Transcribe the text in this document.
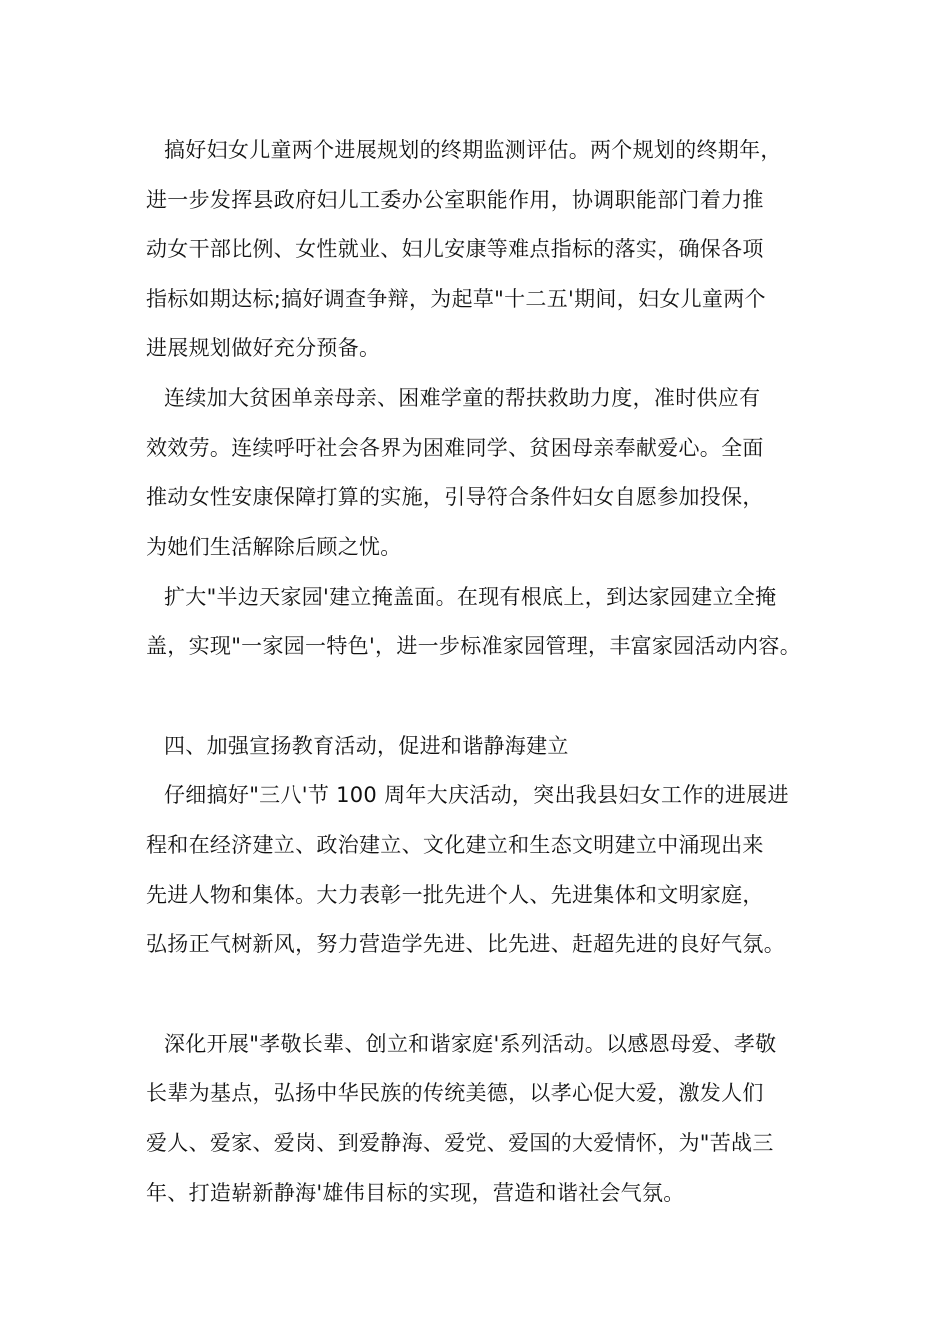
搞好妇女儿童两个进展规划的终期监测评估。两个规划的终期年，
进一步发挥县政府妇儿工委办公室职能作用，协调职能部门着力推
动女干部比例、女性就业、妇儿安康等难点指标的落实，确保各项
指标如期达标;搞好调查争辩，为起草"十二五'期间，妇女儿童两个
进展规划做好充分预备。
连续加大贫困单亲母亲、困难学童的帮扶救助力度，准时供应有
效效劳。连续呼吁社会各界为困难同学、贫困母亲奉献爱心。全面
推动女性安康保障打算的实施，引导符合条件妇女自愿参加投保，
为她们生活解除后顾之忧。
扩大"半边天家园'建立掩盖面。在现有根底上，到达家园建立全掩
盖，实现"一家园一特色'，进一步标准家园管理，丰富家园活动内容。
四、加强宣扬教育活动，促进和谐静海建立
仔细搞好"三八'节 100 周年大庆活动，突出我县妇女工作的进展进
程和在经济建立、政治建立、文化建立和生态文明建立中涌现出来
先进人物和集体。大力表彰一批先进个人、先进集体和文明家庭，
弘扬正气树新风，努力营造学先进、比先进、赶超先进的良好气氛。
深化开展"孝敬长辈、创立和谐家庭'系列活动。以感恩母爱、孝敬
长辈为基点，弘扬中华民族的传统美德，以孝心促大爱，激发人们
爱人、爱家、爱岗、到爱静海、爱党、爱国的大爱情怀，为"苦战三
年、打造崭新静海'雄伟目标的实现，营造和谐社会气氛。
